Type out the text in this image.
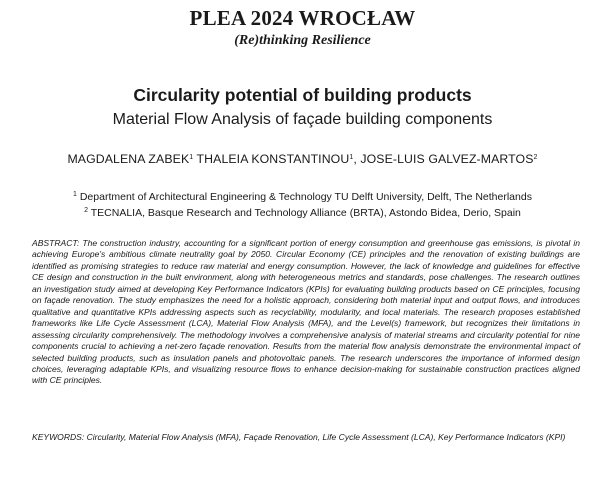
PLEA 2024 WROCŁAW
(Re)thinking Resilience
Circularity potential of building products
Material Flow Analysis of façade building components
MAGDALENA ZABEK$^1$ THALEIA KONSTANTINOU$^1$, JOSE-LUIS GALVEZ-MARTOS$^2$
$^1$ Department of Architectural Engineering & Technology TU Delft University, Delft, The Netherlands
$^2$ TECNALIA, Basque Research and Technology Alliance (BRTA), Astondo Bidea, Derio, Spain

ABSTRACT: The construction industry, accounting for a significant portion of energy consumption and greenhouse gas emissions, is pivotal in achieving Europe's ambitious climate neutrality goal by 2050. Circular Economy (CE) principles and the renovation of existing buildings are identified as promising strategies to reduce raw material and energy consumption. However, the lack of knowledge and guidelines for effective CE design and construction in the built environment, along with heterogeneous metrics and standards, pose challenges. The research outlines an investigation study aimed at developing Key Performance Indicators (KPIs) for evaluating building products based on CE principles, focusing on façade renovation. The study emphasizes the need for a holistic approach, considering both material input and output flows, and introduces qualitative and quantitative KPIs addressing aspects such as recyclability, modularity, and local materials. The research proposes established frameworks like Life Cycle Assessment (LCA), Material Flow Analysis (MFA), and the Level(s) framework, but recognizes their limitations in assessing circularity comprehensively. The methodology involves a comprehensive analysis of material streams and circularity potential for nine components crucial to achieving a net-zero façade renovation. Results from the material flow analysis demonstrate the environmental impact of selected building products, such as insulation panels and photovoltaic panels. The research underscores the importance of informed design choices, leveraging adaptable KPIs, and visualizing resource flows to enhance decision-making for sustainable construction practices aligned with CE principles.

KEYWORDS: Circularity, Material Flow Analysis (MFA), Façade Renovation, Life Cycle Assessment (LCA), Key Performance Indicators (KPI)
